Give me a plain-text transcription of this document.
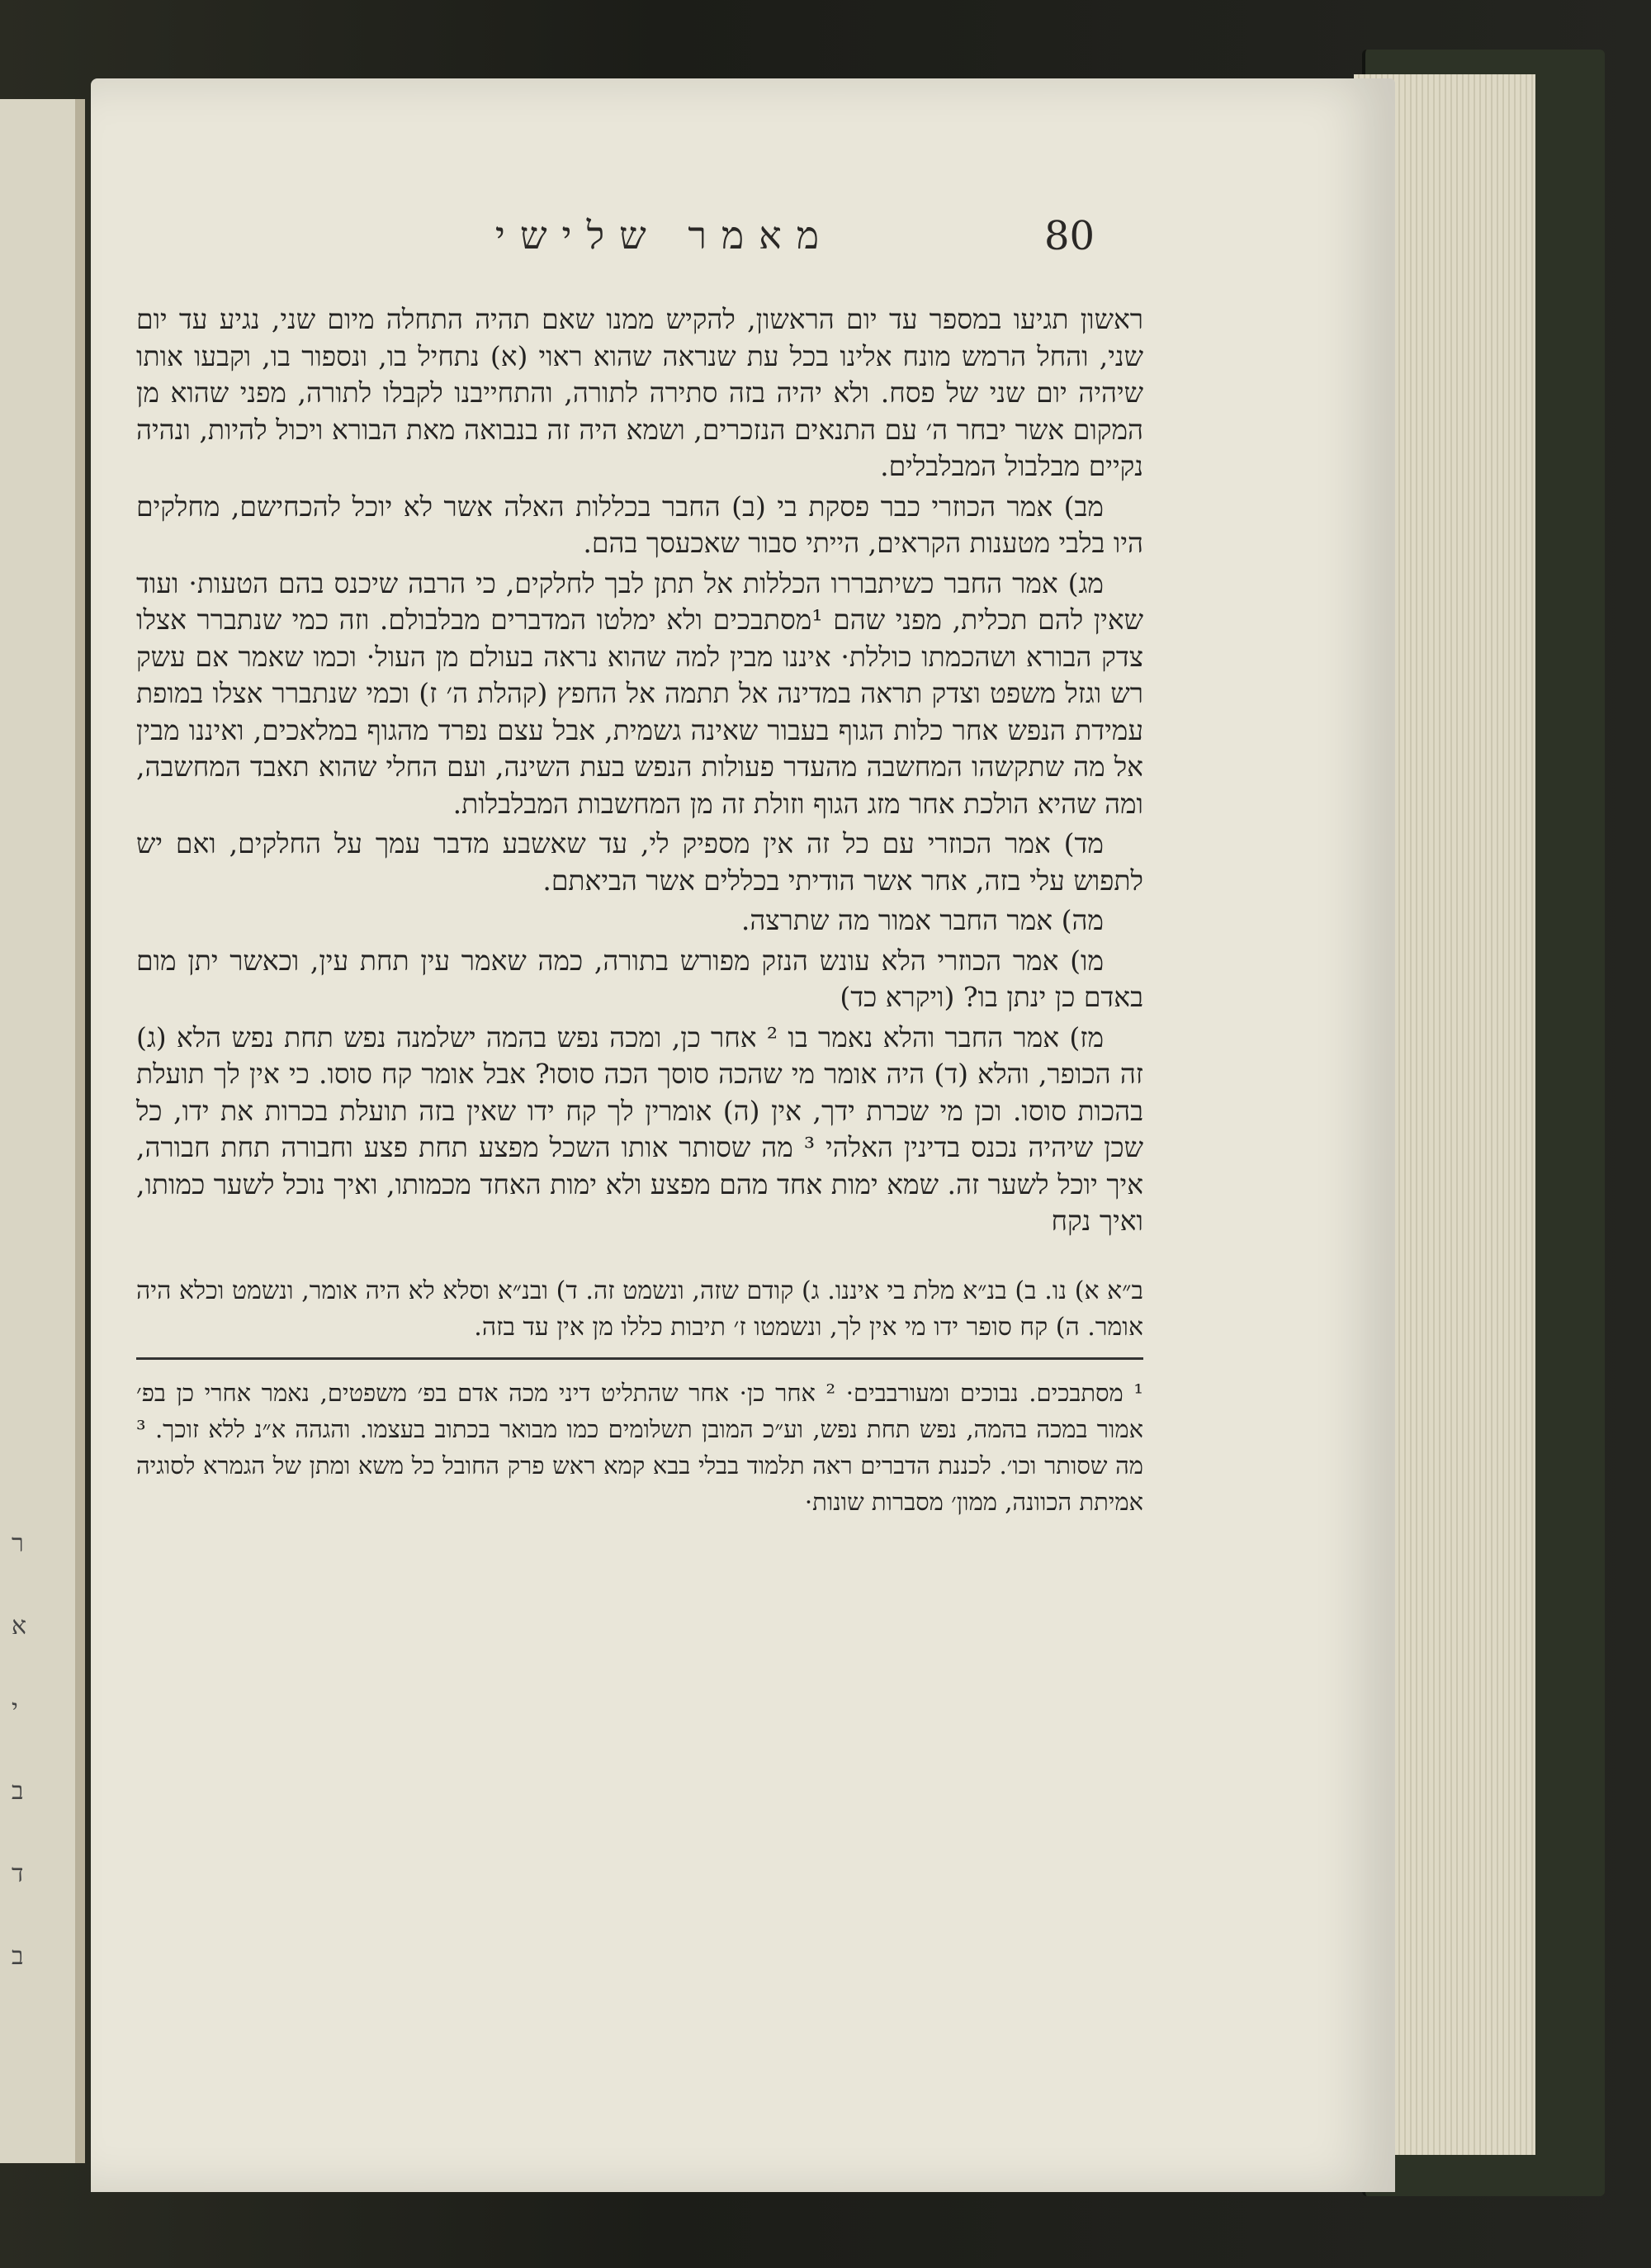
ר
א
י
ב
ד
ב
80
מאמר שלישי

ראשון תגיעו במספר עד יום הראשון, להקיש ממנו שאם תהיה התחלה מיום שני, נגיע עד יום שני, והחל הרמש מונח אלינו בכל עת שנראה שהוא ראוי (א) נתחיל בו, ונספור בו, וקבעו אותו שיהיה יום שני של פסח. ולא יהיה בזה סתירה לתורה, והתחייבנו לקבלו לתורה, מפני שהוא מן המקום אשר יבחר ה׳ עם התנאים הנזכרים, ושמא היה זה בנבואה מאת הבורא ויכול להיות, ונהיה נקיים מבלבול המבלבלים.

מב) אמר הכוזרי כבר פסקת בי (ב) החבר בכללות האלה אשר לא יוכל להכחישם, מחלקים היו בלבי מטענות הקראים, הייתי סבור שאכעסך בהם.

מג) אמר החבר כשיתבררו הכללות אל תתן לבך לחלקים, כי הרבה שיכנס בהם הטעות· ועוד שאין להם תכלית, מפני שהם ¹מסתבכים ולא ימלטו המדברים מבלבולם. וזה כמי שנתברר אצלו צדק הבורא ושהכמתו כוללת· איננו מבין למה שהוא נראה בעולם מן העול· וכמו שאמר אם עשק רש וגזל משפט וצדק תראה במדינה אל תתמה אל החפץ (קהלת ה׳ ז) וכמי שנתברר אצלו במופת עמידת הנפש אחר כלות הגוף בעבור שאינה גשמית, אבל עצם נפרד מהגוף במלאכים, ואיננו מבין אל מה שתקשהו המחשבה מהעדר פעולות הנפש בעת השינה, ועם החלי שהוא תאבד המחשבה, ומה שהיא הולכת אחר מזג הגוף וזולת זה מן המחשבות המבלבלות.

מד) אמר הכוזרי עם כל זה אין מספיק לי, עד שאשבע מדבר עמך על החלקים, ואם יש לתפוש עלי בזה, אחר אשר הודיתי בכללים אשר הביאתם.

מה) אמר החבר אמור מה שתרצה.

מו) אמר הכוזרי הלא עונש הנזק מפורש בתורה, כמה שאמר עין תחת עין, וכאשר יתן מום באדם כן ינתן בו? (ויקרא כד)

מז) אמר החבר והלא נאמר בו ² אחר כן, ומכה נפש בהמה ישלמנה נפש תחת נפש הלא (ג) זה הכופר, והלא (ד) היה אומר מי שהכה סוסך הכה סוסו? אבל אומר קח סוסו. כי אין לך תועלת בהכות סוסו. וכן מי שכרת ידך, אין (ה) אומרין לך קח ידו שאין בזה תועלת בכרות את ידו, כל שכן שיהיה נכנס בדינין האלהי ³ מה שסותר אותו השכל מפצע תחת פצע וחבורה תחת חבורה, איך יוכל לשער זה. שמא ימות אחד מהם מפצע ולא ימות האחד מכמותו, ואיך נוכל לשער כמותו, ואיך נקח

ב״א א) נו. ב) בנ״א מלת בי איננו. ג) קודם שזה, ונשמט זה. ד) ובנ״א וסלא לא היה אומר, ונשמט וכלא היה אומר. ה) קח סופר ידו מי אין לך, ונשמטו ז׳ תיבות כללו מן אין עד בזה.
¹ מסתבכים. נבוכים ומעורבבים· ² אחר כן· אחר שהתליט דיני מכה אדם בפ׳ משפטים, נאמר אחרי כן בפ׳ אמור במכה בהמה, נפש תחת נפש, וע״כ המובן תשלומים כמו מבואר בכתוב בעצמו. והגהה א״נ ללא זוכך. ³ מה שסותר וכו׳. לכננת הדברים ראה תלמוד בבלי בבא קמא ראש פרק החובל כל משא ומתן של הגמרא לסוגיה אמיתת הכוונה, ממון׳ מסברות שונות·
